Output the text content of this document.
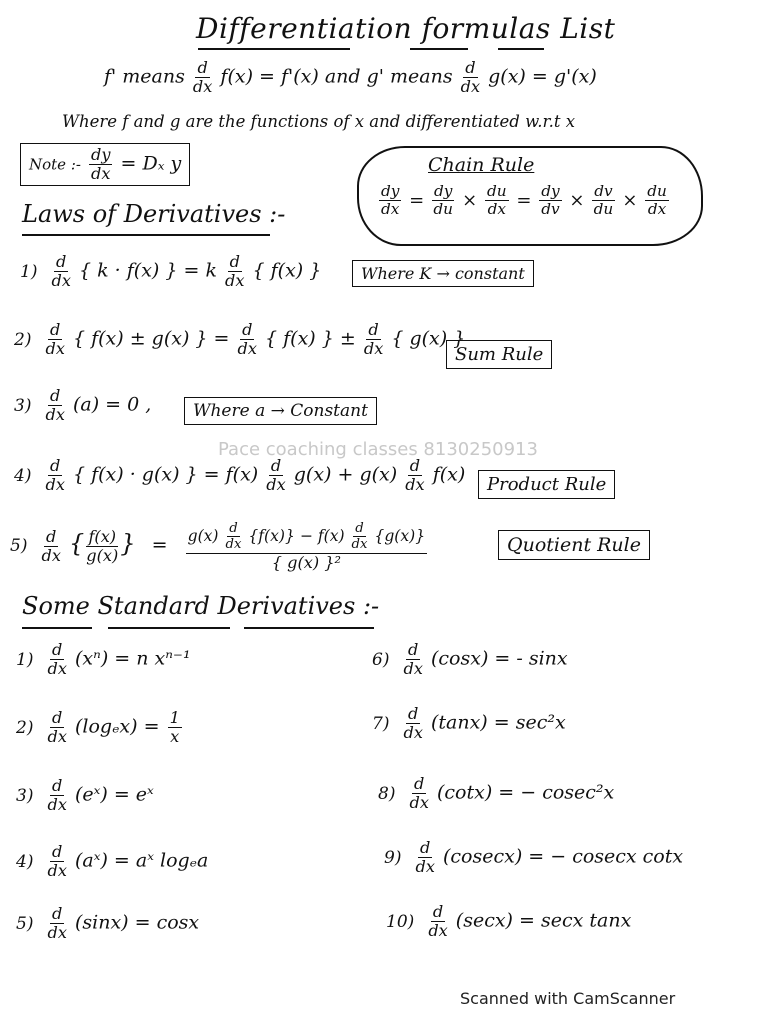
Differentiation formulas List
f' means $\frac{d}{dx} f(x) = f'(x)$ and g' means $\frac{d}{dx} g(x) = g'(x)$
Where f and g are the functions of x and differentiated w.r.t x
Note :- $\frac{dy}{dx} = D_x$ y	Chain Rule
$\frac{dy}{dx} = \frac{dy}{du} \times \frac{du}{dx} = \frac{dy}{dv} \times \frac{dv}{du} \times \frac{du}{dx}$
Laws of Derivatives :-
$1) \frac{d}{dx}$ { k · f(x) } = k $\frac{d}{dx}$ { f(x) }	Where K → constant
$2) \frac{d}{dx}$ { f(x) ± g(x) } = $\frac{d}{dx}$ { f(x) } ± $\frac{d}{dx}$ { g(x) }
Sum Rule
$3) \frac{d}{dx} (a) = 0$ ,	Where a → Constant
Pace coaching classes 8130250913
$4) \frac{d}{dx}$ { f(x) · g(x) } = $f(x) \frac{d}{dx} g(x) + g(x) \frac{d}{dx} f(x)$	Product Rule
$5) \frac{d}{dx}$ { $\frac{f(x)}{g(x)}$ } = $\frac{g(x) \frac{d}{dx} \{f(x)\} - f(x) \frac{d}{dx} \{g(x)\}}{\text{\{ g(x) \}²}}$	Quotient Rule
Some Standard Derivatives :-
$1) \frac{d}{dx} (x^n) = n$ xⁿ⁻¹
$2) \frac{d}{dx} (\log_ex) = \frac{1}{x}$
$3) \frac{d}{dx}$ (eˣ) = eˣ
$4) \frac{d}{dx}$ (aˣ) = aˣ logₑa
$5) \frac{d}{dx} (\sin x) = \cos x$
$6) \frac{d}{dx} (\cos x)$ = - sinx
$7) \frac{d}{dx} (\tan x) = \sec^2x$
$8) \frac{d}{dx} (\cot x)$ = − cosec²x
$9) \frac{d}{dx} (cosecx)$ = − cosecx cotx
$10) \frac{d}{dx} (\sec x) = \sec x$ tanx
Scanned with CamScanner
